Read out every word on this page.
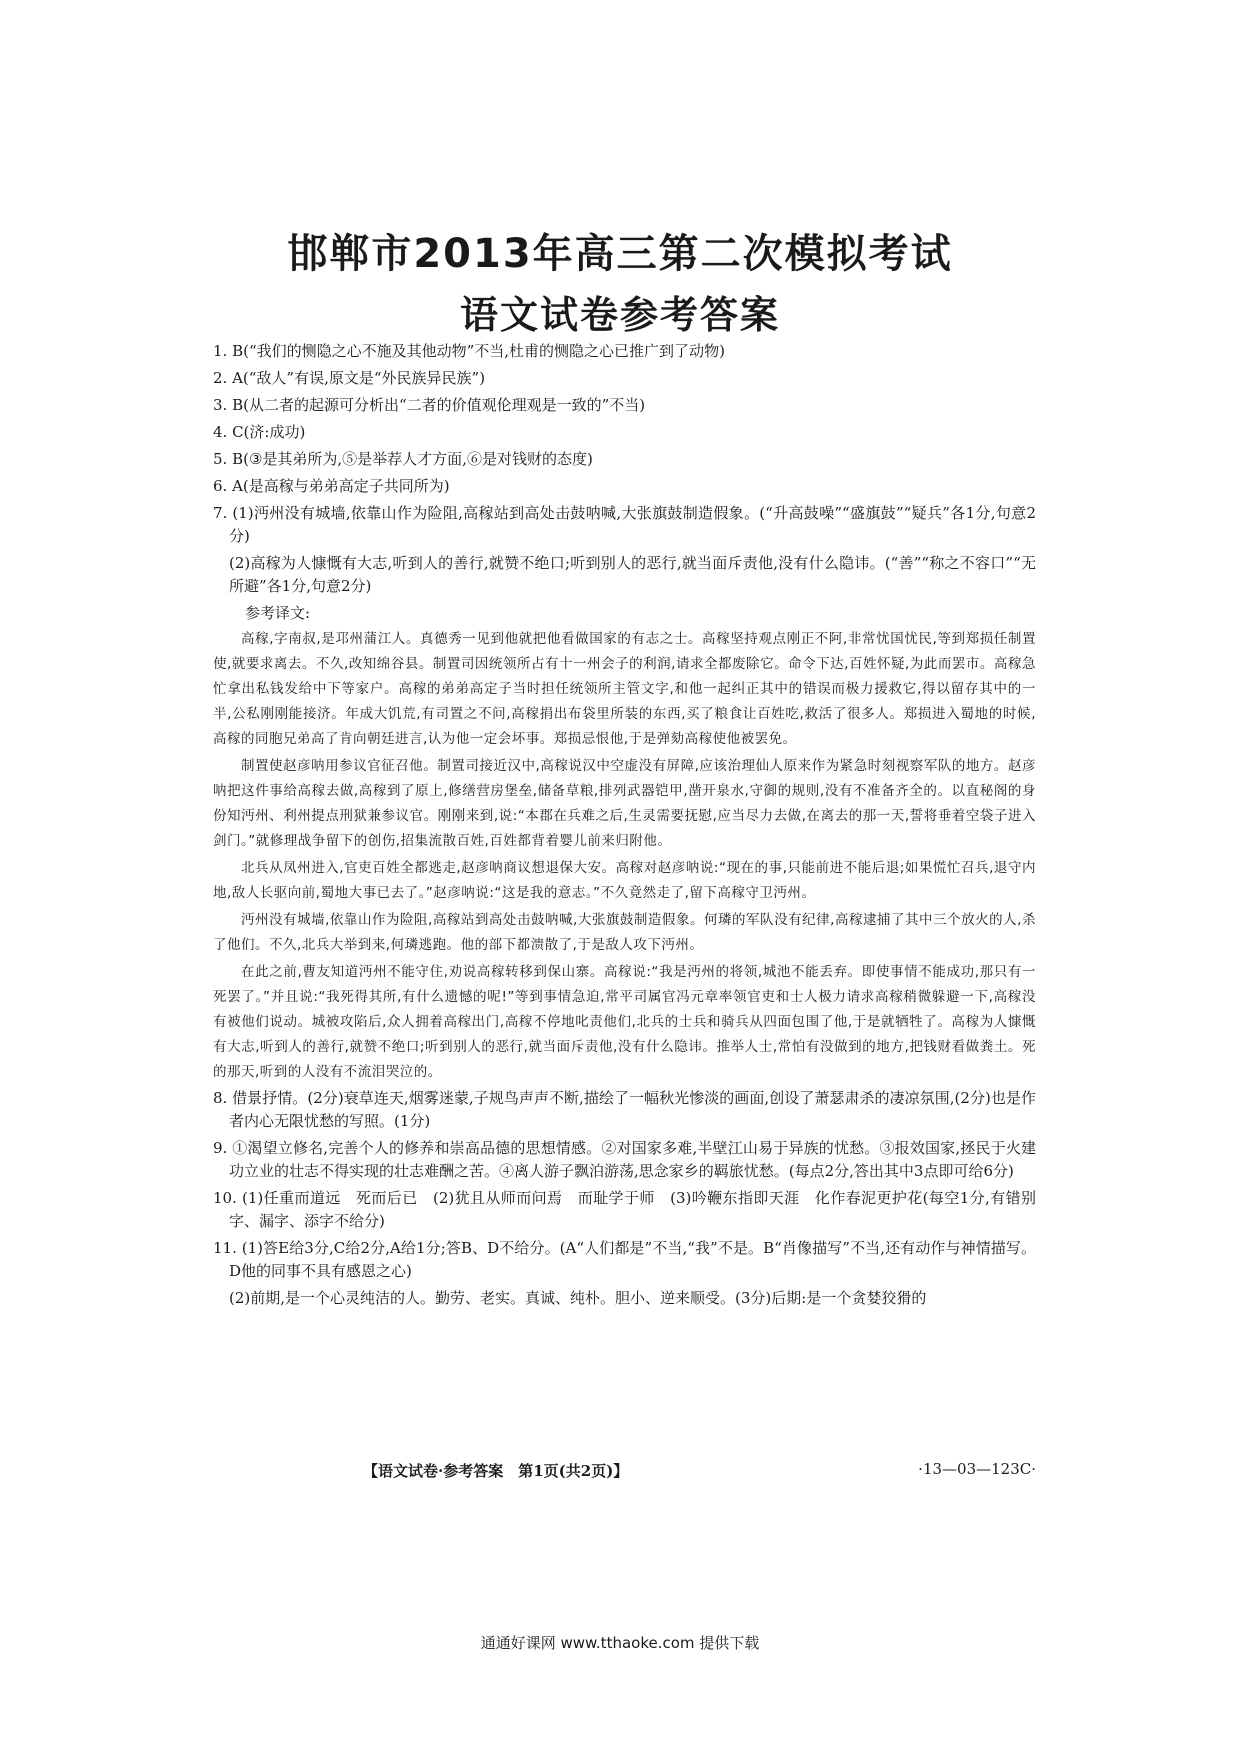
邯郸市2013年高三第二次模拟考试
语文试卷参考答案

1. B(“我们的恻隐之心不施及其他动物”不当,杜甫的恻隐之心已推广到了动物)

2. A(“敌人”有误,原文是“外民族异民族”)

3. B(从二者的起源可分析出“二者的价值观伦理观是一致的”不当)

4. C(济:成功)

5. B(③是其弟所为,⑤是举荐人才方面,⑥是对钱财的态度)

6. A(是高稼与弟弟高定子共同所为)

7. (1)沔州没有城墙,依靠山作为险阻,高稼站到高处击鼓呐喊,大张旗鼓制造假象。(“升高鼓噪”“盛旗鼓”“疑兵”各1分,句意2分)

(2)高稼为人慷慨有大志,听到人的善行,就赞不绝口;听到别人的恶行,就当面斥责他,没有什么隐讳。(“善”“称之不容口”“无所避”各1分,句意2分)

参考译文:

高稼,字南叔,是邛州蒲江人。真德秀一见到他就把他看做国家的有志之士。高稼坚持观点刚正不阿,非常忧国忧民,等到郑损任制置使,就要求离去。不久,改知绵谷县。制置司因统领所占有十一州会子的利润,请求全都废除它。命令下达,百姓怀疑,为此而罢市。高稼急忙拿出私钱发给中下等家户。高稼的弟弟高定子当时担任统领所主管文字,和他一起纠正其中的错误而极力援救它,得以留存其中的一半,公私刚刚能接济。年成大饥荒,有司置之不问,高稼捐出布袋里所装的东西,买了粮食让百姓吃,救活了很多人。郑损进入蜀地的时候,高稼的同胞兄弟高了肯向朝廷进言,认为他一定会坏事。郑损忌恨他,于是弹劾高稼使他被罢免。

制置使赵彦呐用参议官征召他。制置司接近汉中,高稼说汉中空虚没有屏障,应该治理仙人原来作为紧急时刻视察军队的地方。赵彦呐把这件事给高稼去做,高稼到了原上,修缮营房堡垒,储备草粮,排列武器铠甲,凿开泉水,守御的规则,没有不准备齐全的。以直秘阁的身份知沔州、利州提点刑狱兼参议官。刚刚来到,说:“本郡在兵难之后,生灵需要抚慰,应当尽力去做,在离去的那一天,誓将垂着空袋子进入剑门。”就修理战争留下的创伤,招集流散百姓,百姓都背着婴儿前来归附他。

北兵从凤州进入,官吏百姓全都逃走,赵彦呐商议想退保大安。高稼对赵彦呐说:“现在的事,只能前进不能后退;如果慌忙召兵,退守内地,敌人长驱向前,蜀地大事已去了。”赵彦呐说:“这是我的意志。”不久竟然走了,留下高稼守卫沔州。

沔州没有城墙,依靠山作为险阻,高稼站到高处击鼓呐喊,大张旗鼓制造假象。何璘的军队没有纪律,高稼逮捕了其中三个放火的人,杀了他们。不久,北兵大举到来,何璘逃跑。他的部下都溃散了,于是敌人攻下沔州。

在此之前,曹友知道沔州不能守住,劝说高稼转移到保山寨。高稼说:“我是沔州的将领,城池不能丢弃。即使事情不能成功,那只有一死罢了。”并且说:“我死得其所,有什么遗憾的呢!”等到事情急迫,常平司属官冯元章率领官吏和士人极力请求高稼稍微躲避一下,高稼没有被他们说动。城被攻陷后,众人拥着高稼出门,高稼不停地叱责他们,北兵的士兵和骑兵从四面包围了他,于是就牺牲了。高稼为人慷慨有大志,听到人的善行,就赞不绝口;听到别人的恶行,就当面斥责他,没有什么隐讳。推举人士,常怕有没做到的地方,把钱财看做粪土。死的那天,听到的人没有不流泪哭泣的。

8. 借景抒情。(2分)衰草连天,烟雾迷蒙,子规鸟声声不断,描绘了一幅秋光惨淡的画面,创设了萧瑟肃杀的凄凉氛围,(2分)也是作者内心无限忧愁的写照。(1分)

9. ①渴望立修名,完善个人的修养和崇高品德的思想情感。②对国家多难,半壁江山易于异族的忧愁。③报效国家,拯民于火建功立业的壮志不得实现的壮志难酬之苦。④离人游子飘泊游荡,思念家乡的羁旅忧愁。(每点2分,答出其中3点即可给6分)

10. (1)任重而道远　死而后已　(2)犹且从师而问焉　而耻学于师　(3)吟鞭东指即天涯　化作春泥更护花(每空1分,有错别字、漏字、添字不给分)

11. (1)答E给3分,C给2分,A给1分;答B、D不给分。(A“人们都是”不当,“我”不是。B“肖像描写”不当,还有动作与神情描写。D他的同事不具有感恩之心)

(2)前期,是一个心灵纯洁的人。勤劳、老实。真诚、纯朴。胆小、逆来顺受。(3分)后期:是一个贪婪狡猾的

【语文试卷·参考答案　第1页(共2页)】	·13—03—123C·
通通好课网 www.tthaoke.com 提供下载
